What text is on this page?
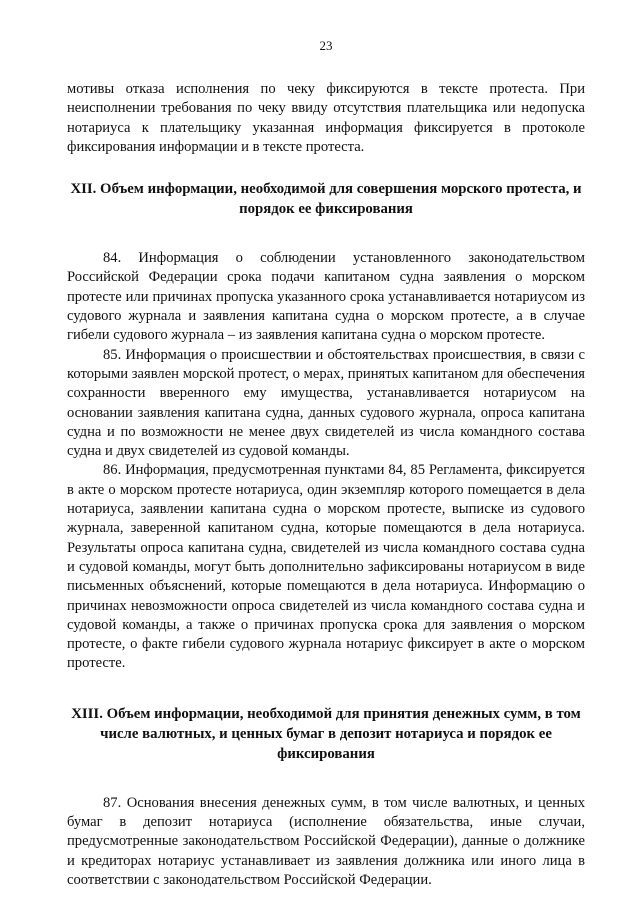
23

мотивы отказа исполнения по чеку фиксируются в тексте протеста. При неисполнении требования по чеку ввиду отсутствия плательщика или недопуска нотариуса к плательщику указанная информация фиксируется в протоколе фиксирования информации и в тексте протеста.

XII. Объем информации, необходимой для совершения морского протеста, и порядок ее фиксирования

84. Информация о соблюдении установленного законодательством Российской Федерации срока подачи капитаном судна заявления о морском протесте или причинах пропуска указанного срока устанавливается нотариусом из судового журнала и заявления капитана судна о морском протесте, а в случае гибели судового журнала – из заявления капитана судна о морском протесте.

85. Информация о происшествии и обстоятельствах происшествия, в связи с которыми заявлен морской протест, о мерах, принятых капитаном для обеспечения сохранности вверенного ему имущества, устанавливается нотариусом на основании заявления капитана судна, данных судового журнала, опроса капитана судна и по возможности не менее двух свидетелей из числа командного состава судна и двух свидетелей из судовой команды.

86. Информация, предусмотренная пунктами 84, 85 Регламента, фиксируется в акте о морском протесте нотариуса, один экземпляр которого помещается в дела нотариуса, заявлении капитана судна о морском протесте, выписке из судового журнала, заверенной капитаном судна, которые помещаются в дела нотариуса. Результаты опроса капитана судна, свидетелей из числа командного состава судна и судовой команды, могут быть дополнительно зафиксированы нотариусом в виде письменных объяснений, которые помещаются в дела нотариуса. Информацию о причинах невозможности опроса свидетелей из числа командного состава судна и судовой команды, а также о причинах пропуска срока для заявления о морском протесте, о факте гибели судового журнала нотариус фиксирует в акте о морском протесте.

XIII. Объем информации, необходимой для принятия денежных сумм, в том числе валютных, и ценных бумаг в депозит нотариуса и порядок ее фиксирования

87. Основания внесения денежных сумм, в том числе валютных, и ценных бумаг в депозит нотариуса (исполнение обязательства, иные случаи, предусмотренные законодательством Российской Федерации), данные о должнике и кредиторах нотариус устанавливает из заявления должника или иного лица в соответствии с законодательством Российской Федерации.
